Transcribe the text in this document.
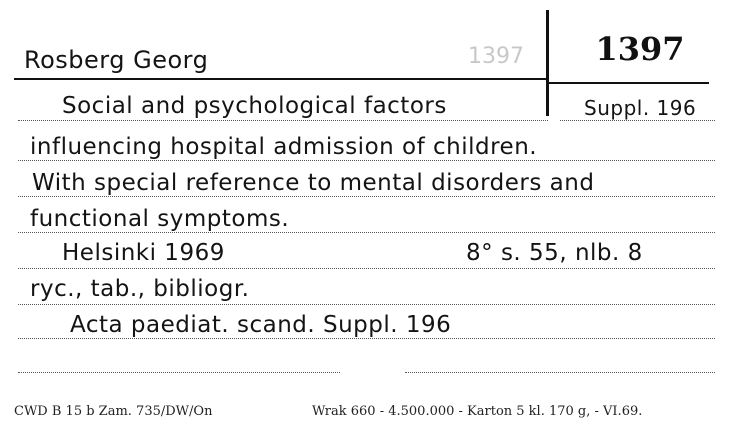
Rosberg Georg	1397 1397
Suppl. 196
Social and psychological factors
influencing hospital admission of children.
With special reference to mental disorders and
functional symptoms.
Helsinki 1969	8° s. 55, nlb. 8
ryc., tab., bibliogr.
Acta paediat. scand. Suppl. 196
CWD B 15 b Zam. 735/DW/On	Wrak 660 - 4.500.000 - Karton 5 kl. 170 g, - VI.69.
